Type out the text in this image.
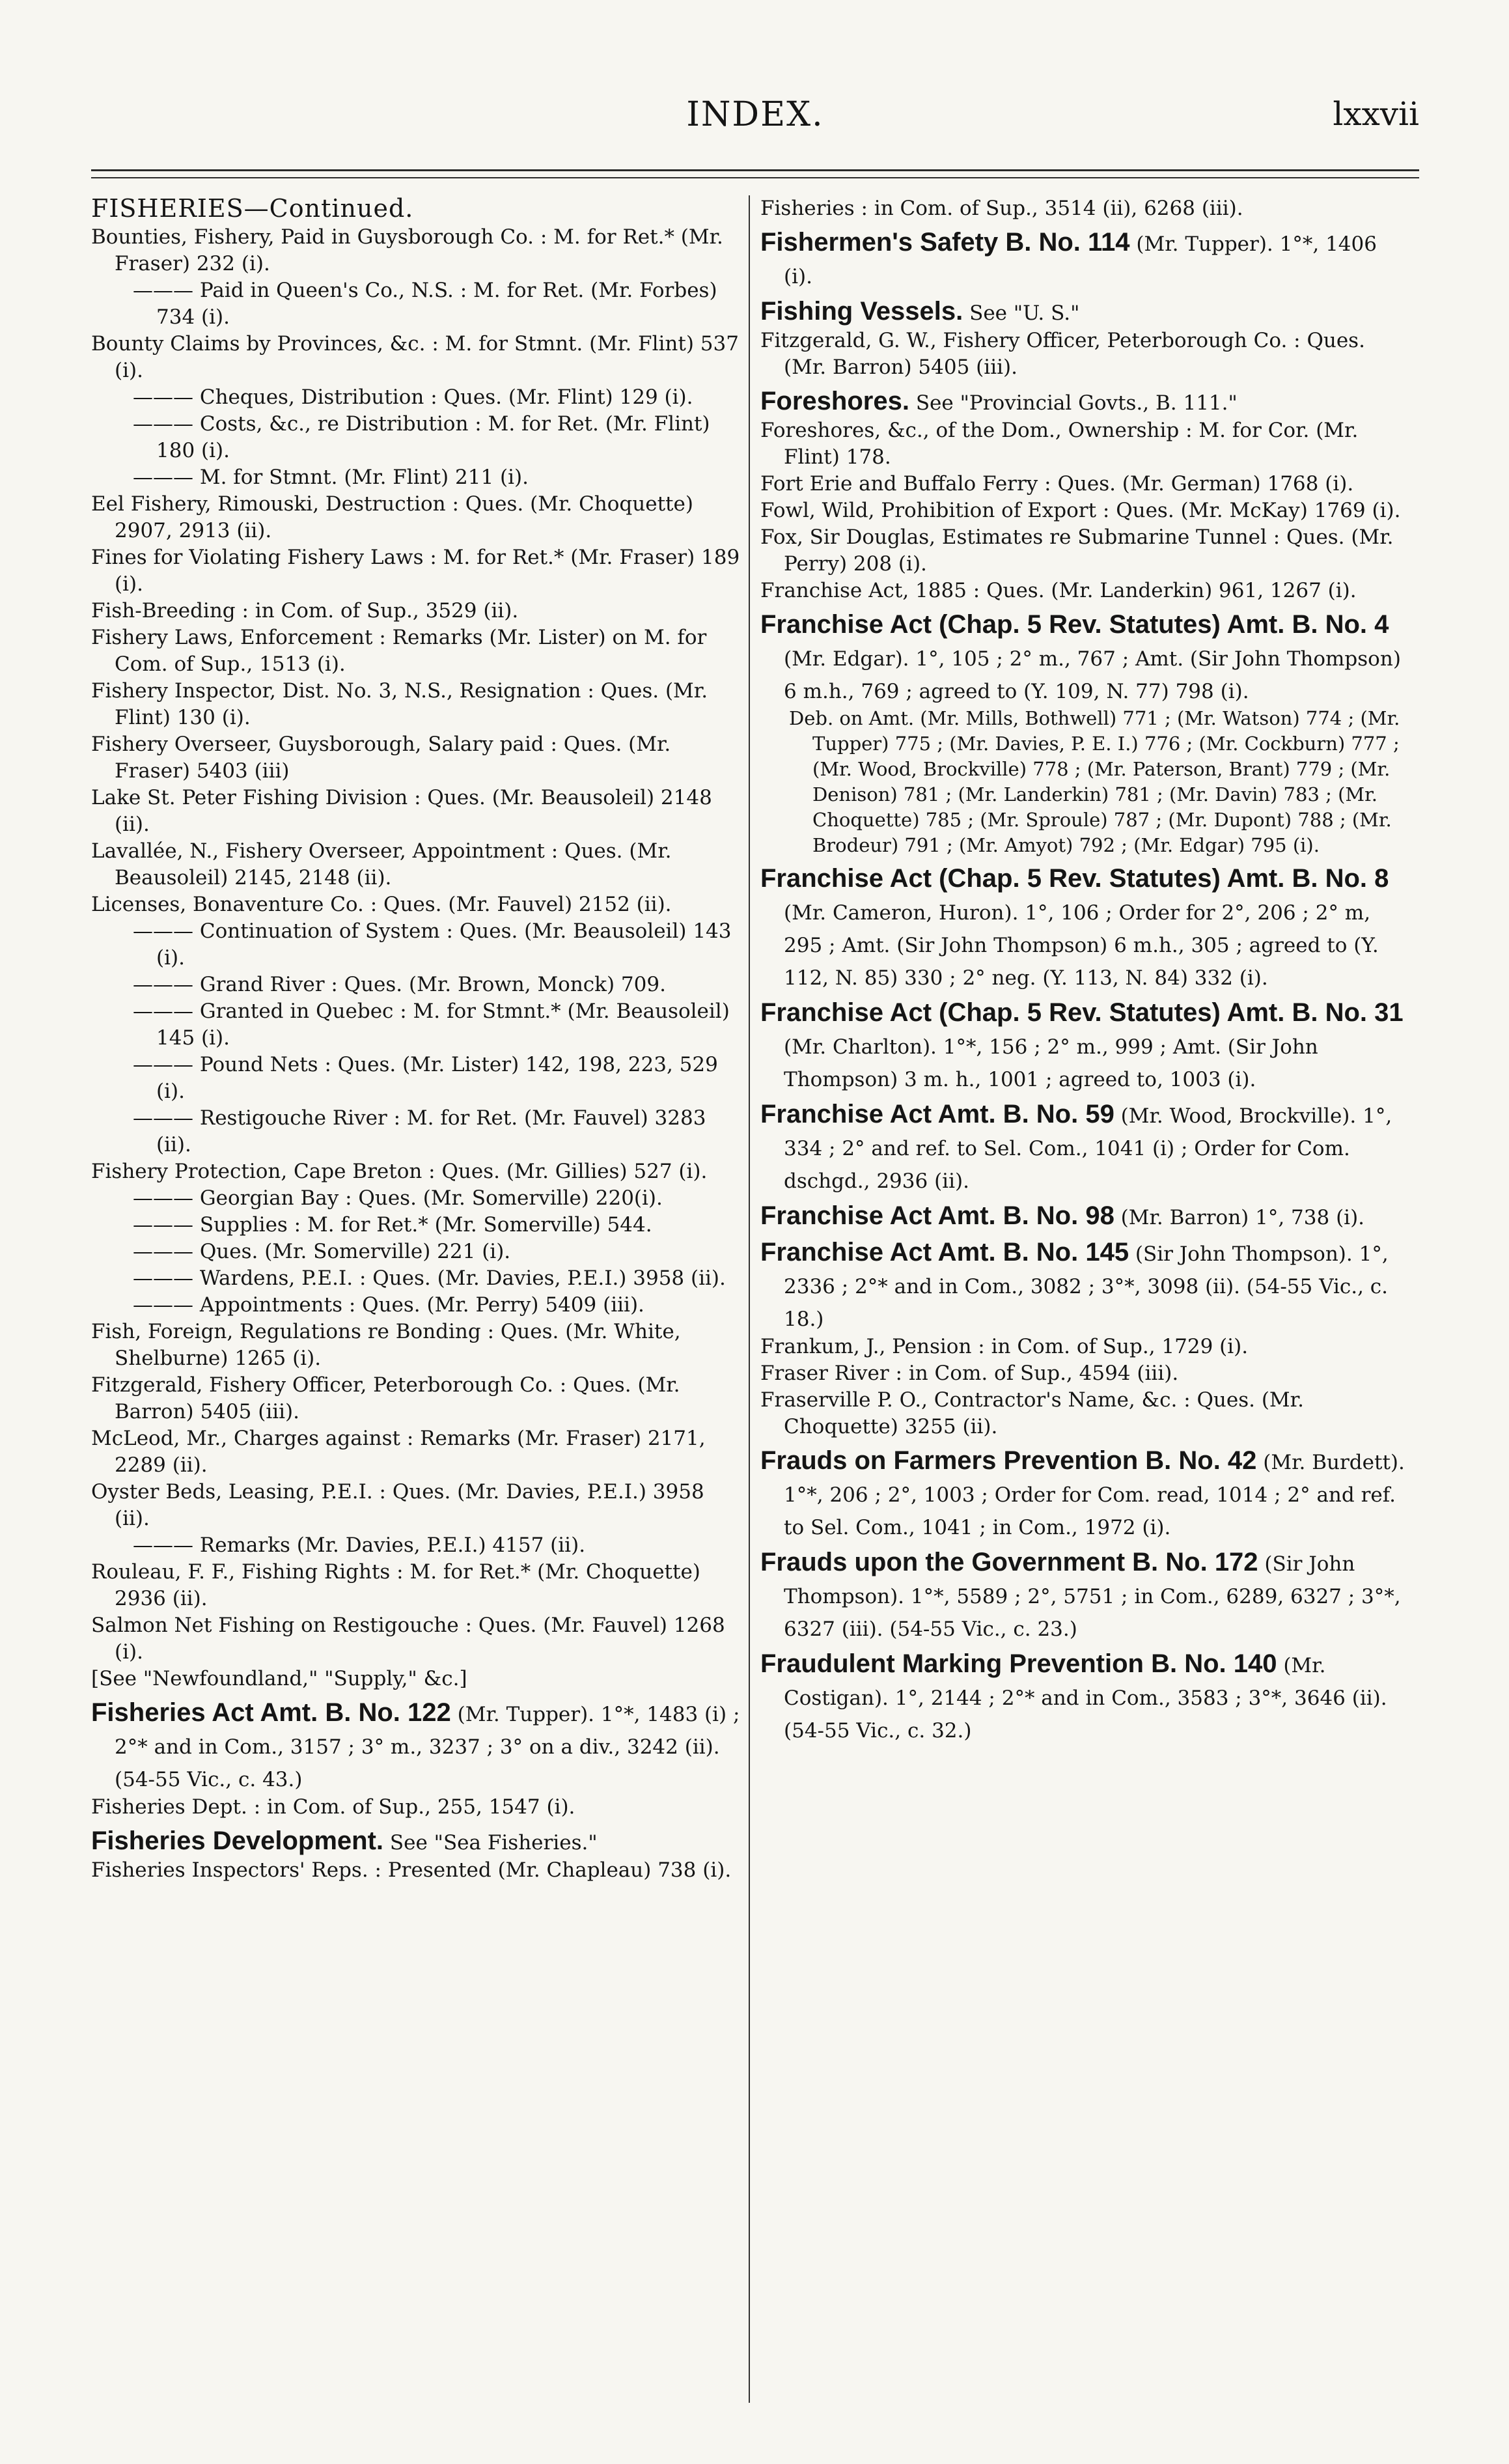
INDEX.	lxxvii

FISHERIES—Continued.

Bounties, Fishery, Paid in Guysborough Co. : M. for Ret.* (Mr. Fraser) 232 (i).

——— Paid in Queen's Co., N.S. : M. for Ret. (Mr. Forbes) 734 (i).

Bounty Claims by Provinces, &c. : M. for Stmnt. (Mr. Flint) 537 (i).

——— Cheques, Distribution : Ques. (Mr. Flint) 129 (i).

——— Costs, &c., re Distribution : M. for Ret. (Mr. Flint) 180 (i).

——— M. for Stmnt. (Mr. Flint) 211 (i).

Eel Fishery, Rimouski, Destruction : Ques. (Mr. Choquette) 2907, 2913 (ii).

Fines for Violating Fishery Laws : M. for Ret.* (Mr. Fraser) 189 (i).

Fish-Breeding : in Com. of Sup., 3529 (ii).

Fishery Laws, Enforcement : Remarks (Mr. Lister) on M. for Com. of Sup., 1513 (i).

Fishery Inspector, Dist. No. 3, N.S., Resignation : Ques. (Mr. Flint) 130 (i).

Fishery Overseer, Guysborough, Salary paid : Ques. (Mr. Fraser) 5403 (iii)

Lake St. Peter Fishing Division : Ques. (Mr. Beausoleil) 2148 (ii).

Lavallée, N., Fishery Overseer, Appointment : Ques. (Mr. Beausoleil) 2145, 2148 (ii).

Licenses, Bonaventure Co. : Ques. (Mr. Fauvel) 2152 (ii).

——— Continuation of System : Ques. (Mr. Beausoleil) 143 (i).

——— Grand River : Ques. (Mr. Brown, Monck) 709.

——— Granted in Quebec : M. for Stmnt.* (Mr. Beausoleil) 145 (i).

——— Pound Nets : Ques. (Mr. Lister) 142, 198, 223, 529 (i).

——— Restigouche River : M. for Ret. (Mr. Fauvel) 3283 (ii).

Fishery Protection, Cape Breton : Ques. (Mr. Gillies) 527 (i).

——— Georgian Bay : Ques. (Mr. Somerville) 220(i).

——— Supplies : M. for Ret.* (Mr. Somerville) 544.

——— Ques. (Mr. Somerville) 221 (i).

——— Wardens, P.E.I. : Ques. (Mr. Davies, P.E.I.) 3958 (ii).

——— Appointments : Ques. (Mr. Perry) 5409 (iii).

Fish, Foreign, Regulations re Bonding : Ques. (Mr. White, Shelburne) 1265 (i).

Fitzgerald, Fishery Officer, Peterborough Co. : Ques. (Mr. Barron) 5405 (iii).

McLeod, Mr., Charges against : Remarks (Mr. Fraser) 2171, 2289 (ii).

Oyster Beds, Leasing, P.E.I. : Ques. (Mr. Davies, P.E.I.) 3958 (ii).

——— Remarks (Mr. Davies, P.E.I.) 4157 (ii).

Rouleau, F. F., Fishing Rights : M. for Ret.* (Mr. Choquette) 2936 (ii).

Salmon Net Fishing on Restigouche : Ques. (Mr. Fauvel) 1268 (i).

[See "Newfoundland," "Supply," &c.]

Fisheries Act Amt. B. No. 122 (Mr. Tupper). 1°*, 1483 (i) ; 2°* and in Com., 3157 ; 3° m., 3237 ; 3° on a div., 3242 (ii). (54-55 Vic., c. 43.)

Fisheries Dept. : in Com. of Sup., 255, 1547 (i).

Fisheries Development. See "Sea Fisheries."

Fisheries Inspectors' Reps. : Presented (Mr. Chapleau) 738 (i).

Fisheries : in Com. of Sup., 3514 (ii), 6268 (iii).

Fishermen's Safety B. No. 114 (Mr. Tupper). 1°*, 1406 (i).

Fishing Vessels. See "U. S."

Fitzgerald, G. W., Fishery Officer, Peterborough Co. : Ques. (Mr. Barron) 5405 (iii).

Foreshores. See "Provincial Govts., B. 111."

Foreshores, &c., of the Dom., Ownership : M. for Cor. (Mr. Flint) 178.

Fort Erie and Buffalo Ferry : Ques. (Mr. German) 1768 (i).

Fowl, Wild, Prohibition of Export : Ques. (Mr. McKay) 1769 (i).

Fox, Sir Douglas, Estimates re Submarine Tunnel : Ques. (Mr. Perry) 208 (i).

Franchise Act, 1885 : Ques. (Mr. Landerkin) 961, 1267 (i).

Franchise Act (Chap. 5 Rev. Statutes) Amt. B. No. 4 (Mr. Edgar). 1°, 105 ; 2° m., 767 ; Amt. (Sir John Thompson) 6 m.h., 769 ; agreed to (Y. 109, N. 77) 798 (i).

Deb. on Amt. (Mr. Mills, Bothwell) 771 ; (Mr. Watson) 774 ; (Mr. Tupper) 775 ; (Mr. Davies, P. E. I.) 776 ; (Mr. Cockburn) 777 ; (Mr. Wood, Brockville) 778 ; (Mr. Paterson, Brant) 779 ; (Mr. Denison) 781 ; (Mr. Landerkin) 781 ; (Mr. Davin) 783 ; (Mr. Choquette) 785 ; (Mr. Sproule) 787 ; (Mr. Dupont) 788 ; (Mr. Brodeur) 791 ; (Mr. Amyot) 792 ; (Mr. Edgar) 795 (i).

Franchise Act (Chap. 5 Rev. Statutes) Amt. B. No. 8 (Mr. Cameron, Huron). 1°, 106 ; Order for 2°, 206 ; 2° m, 295 ; Amt. (Sir John Thompson) 6 m.h., 305 ; agreed to (Y. 112, N. 85) 330 ; 2° neg. (Y. 113, N. 84) 332 (i).

Franchise Act (Chap. 5 Rev. Statutes) Amt. B. No. 31 (Mr. Charlton). 1°*, 156 ; 2° m., 999 ; Amt. (Sir John Thompson) 3 m. h., 1001 ; agreed to, 1003 (i).

Franchise Act Amt. B. No. 59 (Mr. Wood, Brockville). 1°, 334 ; 2° and ref. to Sel. Com., 1041 (i) ; Order for Com. dschgd., 2936 (ii).

Franchise Act Amt. B. No. 98 (Mr. Barron) 1°, 738 (i).

Franchise Act Amt. B. No. 145 (Sir John Thompson). 1°, 2336 ; 2°* and in Com., 3082 ; 3°*, 3098 (ii). (54-55 Vic., c. 18.)

Frankum, J., Pension : in Com. of Sup., 1729 (i).

Fraser River : in Com. of Sup., 4594 (iii).

Fraserville P. O., Contractor's Name, &c. : Ques. (Mr. Choquette) 3255 (ii).

Frauds on Farmers Prevention B. No. 42 (Mr. Burdett). 1°*, 206 ; 2°, 1003 ; Order for Com. read, 1014 ; 2° and ref. to Sel. Com., 1041 ; in Com., 1972 (i).

Frauds upon the Government B. No. 172 (Sir John Thompson). 1°*, 5589 ; 2°, 5751 ; in Com., 6289, 6327 ; 3°*, 6327 (iii). (54-55 Vic., c. 23.)

Fraudulent Marking Prevention B. No. 140 (Mr. Costigan). 1°, 2144 ; 2°* and in Com., 3583 ; 3°*, 3646 (ii). (54-55 Vic., c. 32.)
